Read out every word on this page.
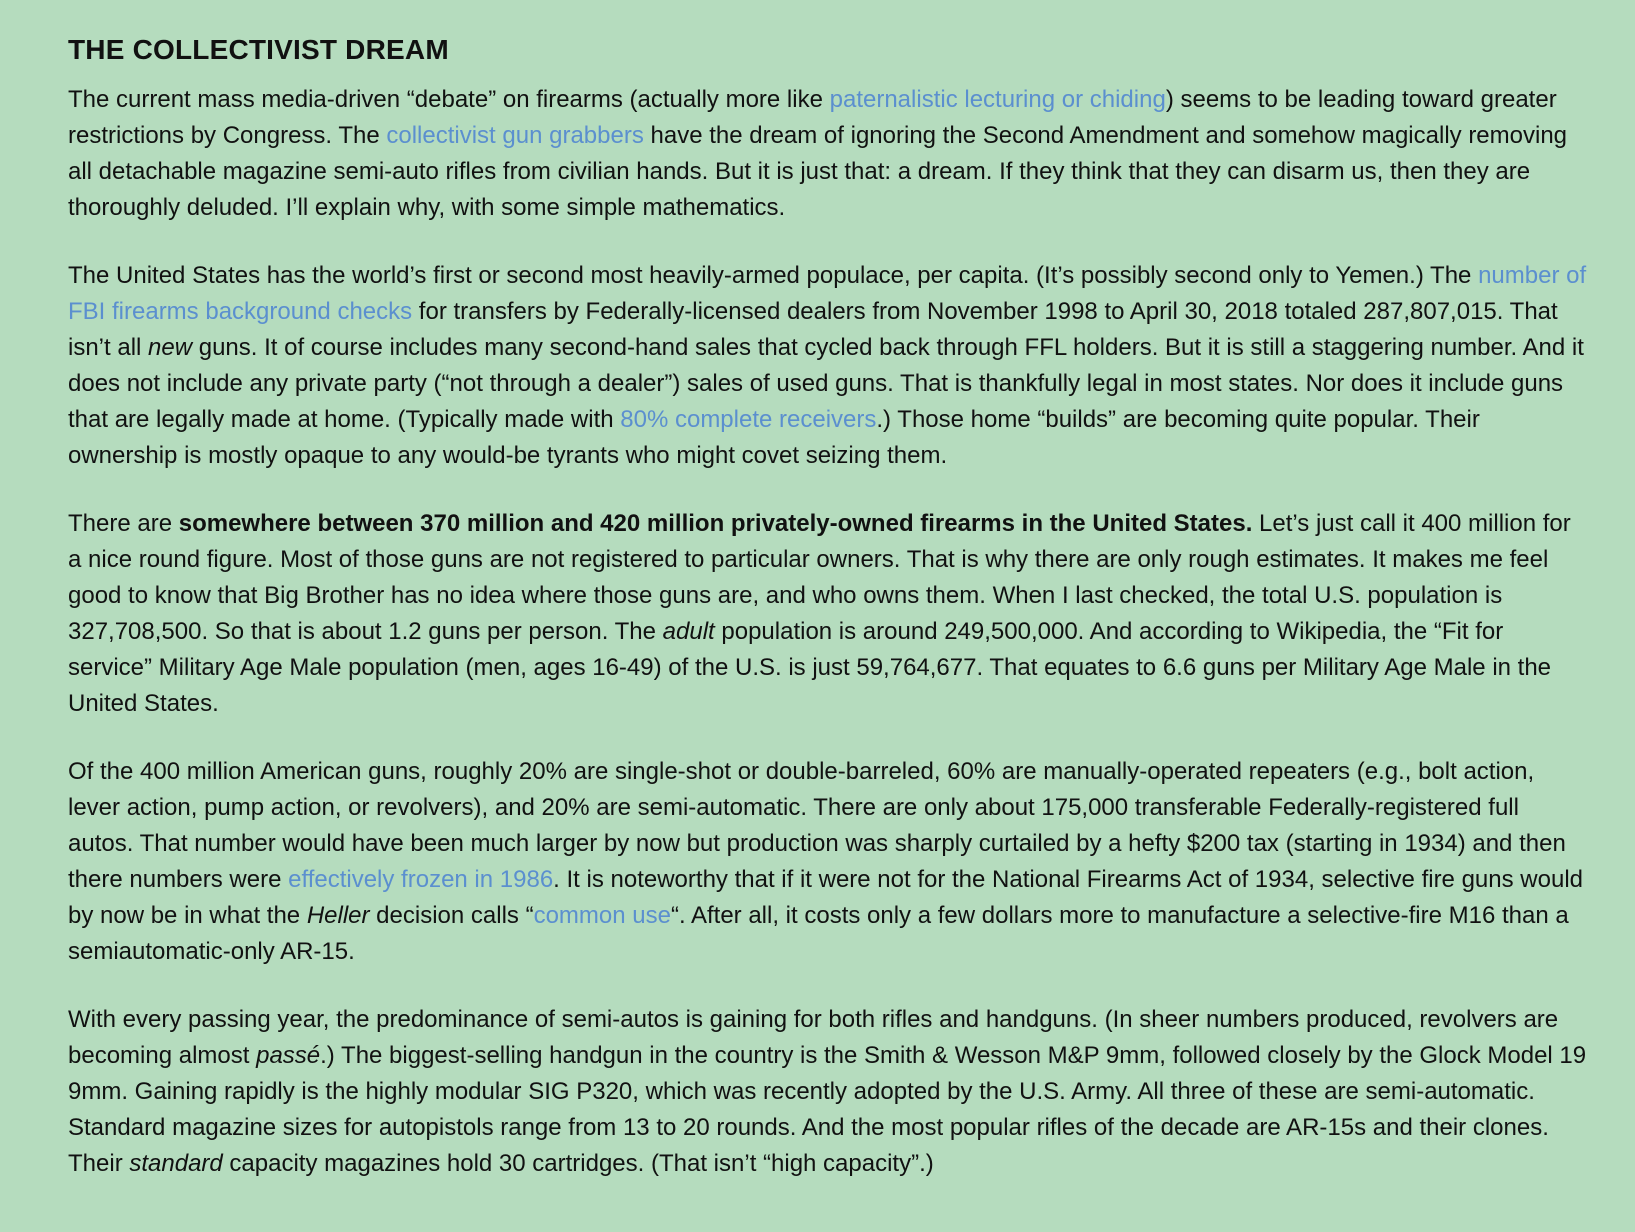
THE COLLECTIVIST DREAM

The current mass media-driven “debate” on firearms (actually more like paternalistic lecturing or chiding) seems to be leading toward greater restrictions by Congress. The collectivist gun grabbers have the dream of ignoring the Second Amendment and somehow magically removing all detachable magazine semi-auto rifles from civilian hands. But it is just that: a dream. If they think that they can disarm us, then they are thoroughly deluded. I’ll explain why, with some simple mathematics.

The United States has the world’s first or second most heavily-armed populace, per capita. (It’s possibly second only to Yemen.) The number of FBI firearms background checks for transfers by Federally-licensed dealers from November 1998 to April 30, 2018 totaled 287,807,015. That isn’t all new guns. It of course includes many second-hand sales that cycled back through FFL holders. But it is still a staggering number. And it does not include any private party (“not through a dealer”) sales of used guns. That is thankfully legal in most states. Nor does it include guns that are legally made at home. (Typically made with 80% complete receivers.) Those home “builds” are becoming quite popular. Their ownership is mostly opaque to any would-be tyrants who might covet seizing them.

There are somewhere between 370 million and 420 million privately-owned firearms in the United States. Let’s just call it 400 million for a nice round figure. Most of those guns are not registered to particular owners. That is why there are only rough estimates. It makes me feel good to know that Big Brother has no idea where those guns are, and who owns them. When I last checked, the total U.S. population is 327,708,500. So that is about 1.2 guns per person. The adult population is around 249,500,000. And according to Wikipedia, the “Fit for service” Military Age Male population (men, ages 16-49) of the U.S. is just 59,764,677. That equates to 6.6 guns per Military Age Male in the United States.

Of the 400 million American guns, roughly 20% are single-shot or double-barreled, 60% are manually-operated repeaters (e.g., bolt action, lever action, pump action, or revolvers), and 20% are semi-automatic. There are only about 175,000 transferable Federally-registered full autos. That number would have been much larger by now but production was sharply curtailed by a hefty $200 tax (starting in 1934) and then there numbers were effectively frozen in 1986. It is noteworthy that if it were not for the National Firearms Act of 1934, selective fire guns would by now be in what the Heller decision calls “common use“. After all, it costs only a few dollars more to manufacture a selective-fire M16 than a semiautomatic-only AR-15.

With every passing year, the predominance of semi-autos is gaining for both rifles and handguns. (In sheer numbers produced, revolvers are becoming almost passé.) The biggest-selling handgun in the country is the Smith & Wesson M&P 9mm, followed closely by the Glock Model 19 9mm. Gaining rapidly is the highly modular SIG P320, which was recently adopted by the U.S. Army. All three of these are semi-automatic. Standard magazine sizes for autopistols range from 13 to 20 rounds. And the most popular rifles of the decade are AR-15s and their clones. Their standard capacity magazines hold 30 cartridges. (That isn’t “high capacity”.)
